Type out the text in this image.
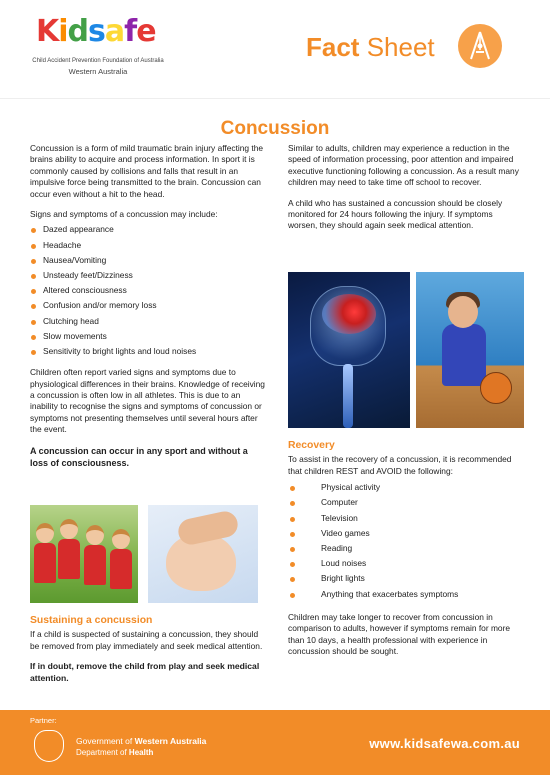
Kidsafe
Child Accident Prevention Foundation of Australia
Western Australia
Fact Sheet
Concussion

Concussion is a form of mild traumatic brain injury affecting the brains ability to acquire and process information. In sport it is commonly caused by collisions and falls that result in an impulsive force being transmitted to the brain. Concussion can occur even without a hit to the head.

Signs and symptoms of a concussion may include:

Dazed appearance
Headache
Nausea/Vomiting
Unsteady feet/Dizziness
Altered consciousness
Confusion and/or memory loss
Clutching head
Slow movements
Sensitivity to bright lights and loud noises

Children often report varied signs and symptoms due to physiological differences in their brains. Knowledge of receiving a concussion is often low in all athletes. This is due to an inability to recognise the signs and symptoms of concussion or symptoms not presenting themselves until several hours after the event.

A concussion can occur in any sport and without a loss of consciousness.

Sustaining a concussion

If a child is suspected of sustaining a concussion, they should be removed from play immediately and seek medical attention.

If in doubt, remove the child from play and seek medical attention.

Similar to adults, children may experience a reduction in the speed of information processing, poor attention and impaired executive functioning following a concussion. As a result many children may need to take time off school to recover.

A child who has sustained a concussion should be closely monitored for 24 hours following the injury. If symptoms worsen, they should again seek medical attention.

Recovery

To assist in the recovery of a concussion, it is recommended that children REST and AVOID the following:

Physical activity
Computer
Television
Video games
Reading
Loud noises
Bright lights
Anything that exacerbates symptoms

Children may take longer to recover from concussion in comparison to adults, however if symptoms remain for more than 10 days, a health professional with experience in concussion should be sought.

Partner:
Government of Western Australia
Department of Health
www.kidsafewa.com.au
